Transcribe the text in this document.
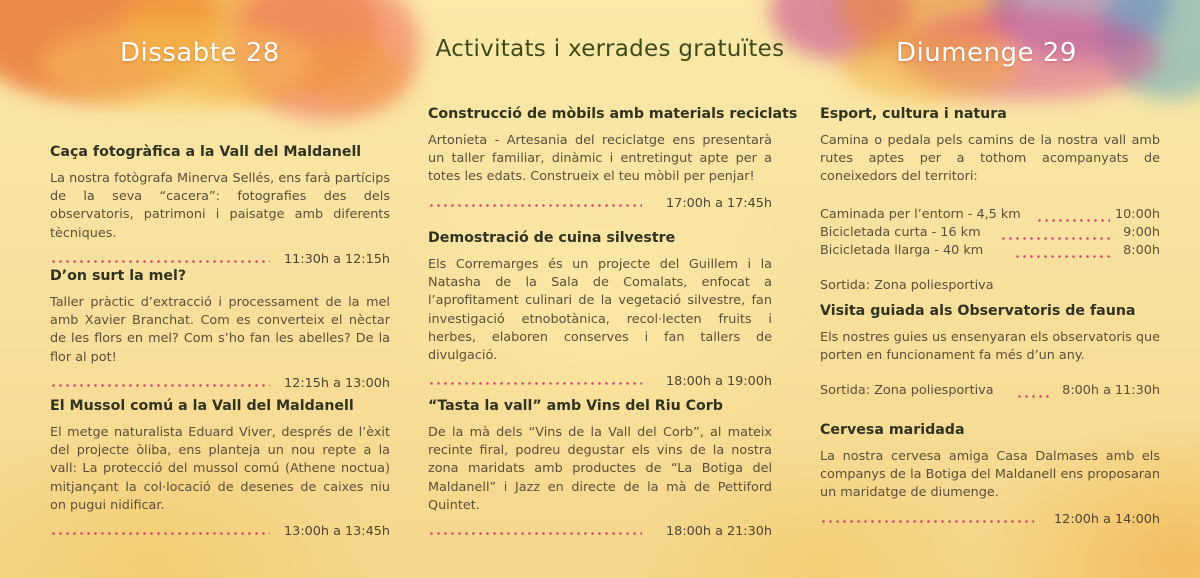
Dissabte 28	Activitats i xerrades gratuïtes	Diumenge 29
Caça fotogràfica a la Vall del Maldanell

La nostra fotògrafa Minerva Sellés, ens farà partícips de la seva “cacera”: fotografies des dels observatoris, patrimoni i paisatge amb diferents tècniques.

11:30h a 12:15h
D’on surt la mel?

Taller pràctic d’extracció i processament de la mel amb Xavier Branchat. Com es converteix el nèctar de les flors en mel? Com s’ho fan les abelles? De la flor al pot!

12:15h a 13:00h
El Mussol comú a la Vall del Maldanell

El metge naturalista Eduard Viver, després de l’èxit del projecte òliba, ens planteja un nou repte a la vall: La protecció del mussol comú (Athene noctua) mitjançant la col·locació de desenes de caixes niu on pugui nidificar.

13:00h a 13:45h
Construcció de mòbils amb materials reciclats

Artonieta - Artesania del reciclatge ens presentarà un taller familiar, dinàmic i entretingut apte per a totes les edats. Construeix el teu mòbil per penjar!

17:00h a 17:45h
Demostració de cuina silvestre

Els Corremarges és un projecte del Guillem i la Natasha de la Sala de Comalats, enfocat a l’aprofitament culinari de la vegetació silvestre, fan investigació etnobotànica, recol·lecten fruits i herbes, elaboren conserves i fan tallers de divulgació.

18:00h a 19:00h
“Tasta la vall” amb Vins del Riu Corb

De la mà dels “Vins de la Vall del Corb”, al mateix recinte firal, podreu degustar els vins de la nostra zona maridats amb productes de “La Botiga del Maldanell” i Jazz en directe de la mà de Pettiford Quintet.

18:00h a 21:30h
Esport, cultura i natura

Camina o pedala pels camins de la nostra vall amb rutes aptes per a tothom acompanyats de coneixedors del territori:

Caminada per l’entorn - 4,5 km	10:00h
Bicicletada curta - 16 km	9:00h
Bicicletada llarga - 40 km	8:00h

Sortida: Zona poliesportiva

Visita guiada als Observatoris de fauna

Els nostres guies us ensenyaran els observatoris que porten en funcionament fa més d’un any.

Sortida: Zona poliesportiva	8:00h a 11:30h
Cervesa maridada

La nostra cervesa amiga Casa Dalmases amb els companys de la Botiga del Maldanell ens proposaran un maridatge de diumenge.

12:00h a 14:00h
